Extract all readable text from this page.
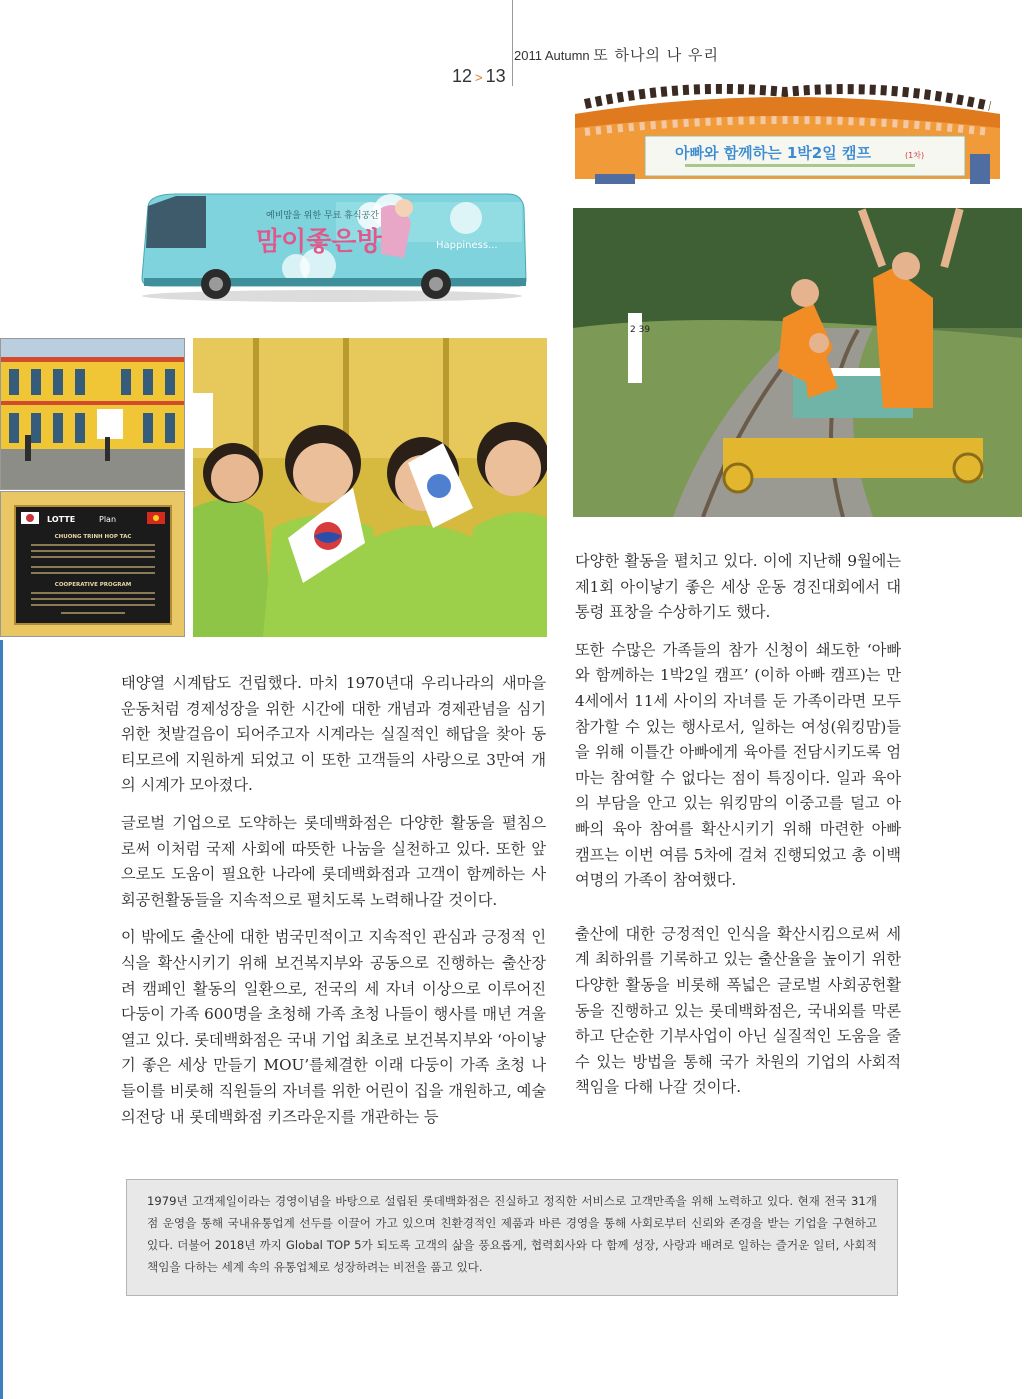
2011 Autumn 또 하나의 나 우리
12 > 13
예비맘을 위한 무료 휴식공간
맘이좋은방	Happiness...
LOTTE	Plan
CHUONG TRINH HOP TAC
COOPERATIVE PROGRAM
아빠와 함께하는 1박2일 캠프	(1차)
2 39

태양열 시계탑도 건립했다. 마치 1970년대 우리나라의 새마을 운동처럼 경제성장을 위한 시간에 대한 개념과 경제관념을 심기 위한 첫발걸음이 되어주고자 시계라는 실질적인 해답을 찾아 동티모르에 지원하게 되었고 이 또한 고객들의 사랑으로 3만여 개의 시계가 모아졌다.

글로벌 기업으로 도약하는 롯데백화점은 다양한 활동을 펼침으로써 이처럼 국제 사회에 따뜻한 나눔을 실천하고 있다. 또한 앞으로도 도움이 필요한 나라에 롯데백화점과 고객이 함께하는 사회공헌활동들을 지속적으로 펼치도록 노력해나갈 것이다.

이 밖에도 출산에 대한 범국민적이고 지속적인 관심과 긍정적 인식을 확산시키기 위해 보건복지부와 공동으로 진행하는 출산장려 캠페인 활동의 일환으로, 전국의 세 자녀 이상으로 이루어진 다둥이 가족 600명을 초청해 가족 초청 나들이 행사를 매년 겨울 열고 있다. 롯데백화점은 국내 기업 최초로 보건복지부와 ‘아이낳기 좋은 세상 만들기 MOU’를체결한 이래 다둥이 가족 초청 나들이를 비롯해 직원들의 자녀를 위한 어린이 집을 개원하고, 예술의전당 내 롯데백화점 키즈라운지를 개관하는 등

다양한 활동을 펼치고 있다. 이에 지난해 9월에는 제1회 아이낳기 좋은 세상 운동 경진대회에서 대통령 표창을 수상하기도 했다.

또한 수많은 가족들의 참가 신청이 쇄도한 ‘아빠와 함께하는 1박2일 캠프’ (이하 아빠 캠프)는 만 4세에서 11세 사이의 자녀를 둔 가족이라면 모두 참가할 수 있는 행사로서, 일하는 여성(워킹맘)들을 위해 이틀간 아빠에게 육아를 전담시키도록 엄마는 참여할 수 없다는 점이 특징이다. 일과 육아의 부담을 안고 있는 워킹맘의 이중고를 덜고 아빠의 육아 참여를 확산시키기 위해 마련한 아빠 캠프는 이번 여름 5차에 걸쳐 진행되었고 총 이백 여명의 가족이 참여했다.

출산에 대한 긍정적인 인식을 확산시킴으로써 세계 최하위를 기록하고 있는 출산율을 높이기 위한 다양한 활동을 비롯해 폭넓은 글로벌 사회공헌활동을 진행하고 있는 롯데백화점은, 국내외를 막론하고 단순한 기부사업이 아닌 실질적인 도움을 줄 수 있는 방법을 통해 국가 차원의 기업의 사회적 책임을 다해 나갈 것이다.

1979년 고객제일이라는 경영이념을 바탕으로 설립된 롯데백화점은 진실하고 정직한 서비스로 고객만족을 위해 노력하고 있다. 현재 전국 31개점 운영을 통해 국내유통업계 선두를 이끌어 가고 있으며 친환경적인 제품과 바른 경영을 통해 사회로부터 신뢰와 존경을 받는 기업을 구현하고 있다. 더불어 2018년 까지 Global TOP 5가 되도록 고객의 삶을 풍요롭게, 협력회사와 다 함께 성장, 사랑과 배려로 일하는 즐거운 일터, 사회적 책임을 다하는 세계 속의 유통업체로 성장하려는 비전을 품고 있다.
